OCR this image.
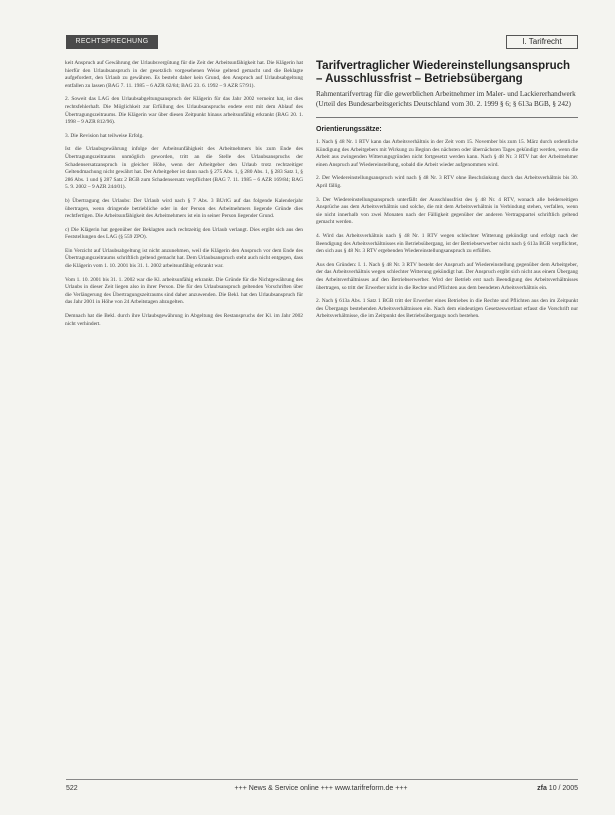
RECHTSPRECHUNG	I. Tarifrecht

keit Anspruch auf Gewährung der Urlaubsvergütung für die Zeit der Arbeitsunfähigkeit hat. Die Klägerin hat hierfür den Urlaubsanspruch in der gesetzlich vorgesehenen Weise geltend gemacht und die Beklagte aufgefordert, den Urlaub zu gewähren. Es besteht daher kein Grund, den Anspruch auf Urlaubsabgeltung entfallen zu lassen (BAG 7. 11. 1985 – 6 AZR 62/84; BAG 23. 6. 1992 – 9 AZR 57/91).

2. Soweit das LAG den Urlaubsabgeltungsanspruch der Klägerin für das Jahr 2002 verneint hat, ist dies rechtsfehlerhaft. Die Möglichkeit zur Erfüllung des Urlaubsanspruchs endete erst mit dem Ablauf des Übertragungszeitraums. Die Klägerin war über diesen Zeitpunkt hinaus arbeitsunfähig erkrankt (BAG 20. 1. 1998 – 9 AZR 812/96).

3. Die Revision hat teilweise Erfolg.

Ist die Urlaubsgewährung infolge der Arbeitsunfähigkeit des Arbeitnehmers bis zum Ende des Übertragungszeitraums unmöglich geworden, tritt an die Stelle des Urlaubsanspruchs der Schadensersatzanspruch in gleicher Höhe, wenn der Arbeitgeber den Urlaub trotz rechtzeitiger Geltendmachung nicht gewährt hat. Der Arbeitgeber ist dann nach § 275 Abs. 1, § 280 Abs. 1, § 283 Satz 1, § 286 Abs. 1 und § 287 Satz 2 BGB zum Schadensersatz verpflichtet (BAG 7. 11. 1985 – 6 AZR 169/84; BAG 5. 9. 2002 – 9 AZR 244/01).

b) Übertragung des Urlaubs: Der Urlaub wird nach § 7 Abs. 3 BUrlG auf das folgende Kalenderjahr übertragen, wenn dringende betriebliche oder in der Person des Arbeitnehmers liegende Gründe dies rechtfertigen. Die Arbeitsunfähigkeit des Arbeitnehmers ist ein in seiner Person liegender Grund.

c) Die Klägerin hat gegenüber der Beklagten auch rechtzeitig den Urlaub verlangt. Dies ergibt sich aus den Feststellungen des LAG (§ 559 ZPO).

Ein Verzicht auf Urlaubsabgeltung ist nicht anzunehmen, weil die Klägerin den Anspruch vor dem Ende des Übertragungszeitraums schriftlich geltend gemacht hat. Dem Urlaubsanspruch steht auch nicht entgegen, dass die Klägerin vom 1. 10. 2001 bis 31. 1. 2002 arbeitsunfähig erkrankt war.

Vom 1. 10. 2001 bis 31. 1. 2002 war die Kl. arbeitsunfähig erkrankt. Die Gründe für die Nichtgewährung des Urlaubs in dieser Zeit liegen also in ihrer Person. Die für den Urlaubsanspruch geltenden Vorschriften über die Verlängerung des Übertragungszeitraums sind daher anzuwenden. Die Bekl. hat den Urlaubsanspruch für das Jahr 2001 in Höhe von 24 Arbeitstagen abzugelten.

Demnach hat die Bekl. durch ihre Urlaubsgewährung in Abgeltung des Restanspruchs der Kl. im Jahr 2002 nicht verhindert.

Tarifvertraglicher Wiedereinstellungsanspruch – Ausschlussfrist – Betriebsübergang
Rahmentarifvertrag für die gewerblichen Arbeitnehmer im Maler- und Lackiererhandwerk (Urteil des Bundesarbeitsgerichts Deutschland vom 30. 2. 1999 § 6; § 613a BGB, § 242)
Orientierungssätze:

1. Nach § 48 Nr. 1 RTV kann das Arbeitsverhältnis in der Zeit vom 15. November bis zum 15. März durch ordentliche Kündigung des Arbeitgebers mit Wirkung zu Beginn des nächsten oder übernächsten Tages gekündigt werden, wenn die Arbeit aus zwingenden Witterungsgründen nicht fortgesetzt werden kann. Nach § 48 Nr. 3 RTV hat der Arbeitnehmer einen Anspruch auf Wiedereinstellung, sobald die Arbeit wieder aufgenommen wird.

2. Der Wiedereinstellungsanspruch wird nach § 48 Nr. 3 RTV ohne Beschränkung durch das Arbeitsverhältnis bis 30. April fällig.

3. Der Wiedereinstellungsanspruch unterfällt der Ausschlussfrist des § 48 Nr. 4 RTV, wonach alle beiderseitigen Ansprüche aus dem Arbeitsverhältnis und solche, die mit dem Arbeitsverhältnis in Verbindung stehen, verfallen, wenn sie nicht innerhalb von zwei Monaten nach der Fälligkeit gegenüber der anderen Vertragspartei schriftlich geltend gemacht werden.

4. Wird das Arbeitsverhältnis nach § 48 Nr. 1 RTV wegen schlechter Witterung gekündigt und erfolgt nach der Beendigung des Arbeitsverhältnisses ein Betriebsübergang, ist der Betriebserwerber nicht nach § 613a BGB verpflichtet, den sich aus § 48 Nr. 3 RTV ergebenden Wiedereinstellungsanspruch zu erfüllen.

Aus den Gründen: I. 1. Nach § 48 Nr. 3 RTV besteht der Anspruch auf Wiedereinstellung gegenüber dem Arbeitgeber, der das Arbeitsverhältnis wegen schlechter Witterung gekündigt hat. Der Anspruch ergibt sich nicht aus einem Übergang des Arbeitsverhältnisses auf den Betriebserwerber. Wird der Betrieb erst nach Beendigung des Arbeitsverhältnisses übertragen, so tritt der Erwerber nicht in die Rechte und Pflichten aus dem beendeten Arbeitsverhältnis ein.

2. Nach § 613a Abs. 1 Satz 1 BGB tritt der Erwerber eines Betriebes in die Rechte und Pflichten aus den im Zeitpunkt des Übergangs bestehenden Arbeitsverhältnissen ein. Nach dem eindeutigen Gesetzeswortlaut erfasst die Vorschrift nur Arbeitsverhältnisse, die im Zeitpunkt des Betriebsübergangs noch bestehen.

522	+++ News & Service online +++ www.tarifreform.de +++	zfa 10 / 2005
